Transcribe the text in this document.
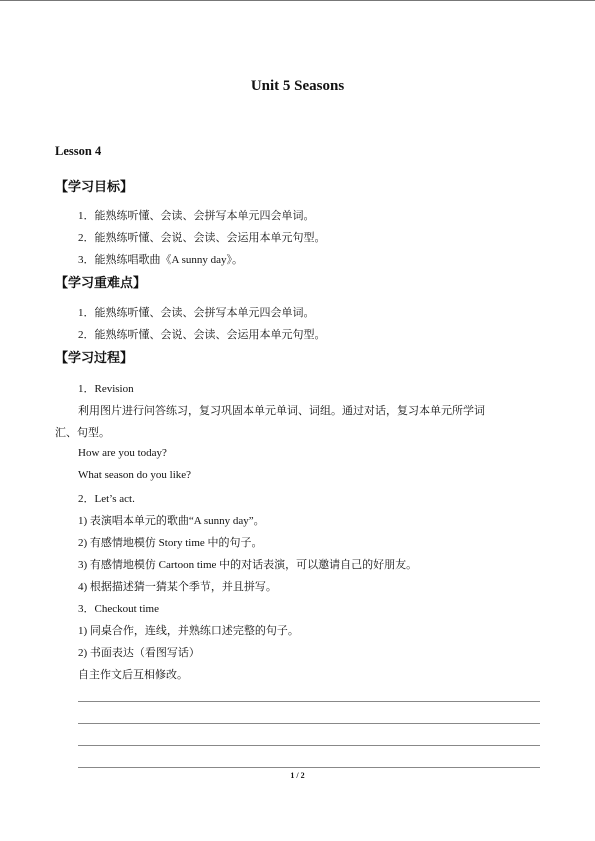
Unit 5 Seasons
Lesson 4
【学习目标】
1．能熟练听懂、会读、会拼写本单元四会单词。
2．能熟练听懂、会说、会读、会运用本单元句型。
3．能熟练唱歌曲《A sunny day》。
【学习重难点】
1．能熟练听懂、会读、会拼写本单元四会单词。
2．能熟练听懂、会说、会读、会运用本单元句型。
【学习过程】
1．Revision
利用图片进行问答练习，复习巩固本单元单词、词组。通过对话，复习本单元所学词
汇、句型。
How are you today?
What season do you like?
2．Let’s act.
1) 表演唱本单元的歌曲“A sunny day”。
2) 有感情地模仿 Story time 中的句子。
3) 有感情地模仿 Cartoon time 中的对话表演，可以邀请自己的好朋友。
4) 根据描述猜一猜某个季节，并且拼写。
3．Checkout time
1) 同桌合作，连线，并熟练口述完整的句子。
2) 书面表达（看图写话）
自主作文后互相修改。
1 / 2
